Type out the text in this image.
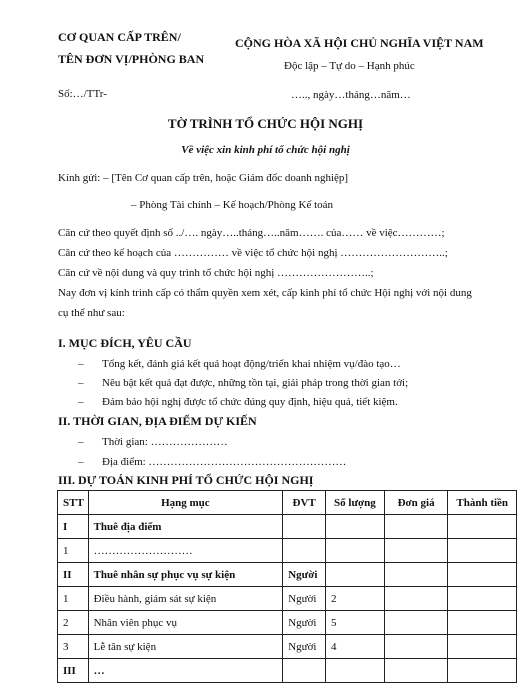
CƠ QUAN CẤP TRÊN/
TÊN ĐƠN VỊ/PHÒNG BAN
Số:…/TTr-
CỘNG HÒA XÃ HỘI CHỦ NGHĨA VIỆT NAM
Độc lập – Tự do – Hạnh phúc
….., ngày…tháng…năm…
TỜ TRÌNH TỔ CHỨC HỘI NGHỊ
Về việc xin kinh phí tổ chức hội nghị
Kính gửi: – [Tên Cơ quan cấp trên, hoặc Giám đốc doanh nghiệp]
– Phòng Tài chính – Kế hoạch/Phòng Kế toán
Căn cứ theo quyết định số ../…. ngày…..tháng…..năm……. của…… về việc…………;
Căn cứ theo kế hoạch của …………… về việc tổ chức hội nghị ………………………..;
Căn cứ về nội dung và quy trình tổ chức hội nghị ……………………..;
Nay đơn vị kính trình cấp có thẩm quyền xem xét, cấp kinh phí tổ chức Hội nghị với nội dung
cụ thể như sau:
I. MỤC ĐÍCH, YÊU CẦU
– Tổng kết, đánh giá kết quả hoạt động/triển khai nhiệm vụ/đào tạo…
– Nêu bật kết quả đạt được, những tồn tại, giải pháp trong thời gian tới;
– Đảm bảo hội nghị được tổ chức đúng quy định, hiệu quả, tiết kiệm.
II. THỜI GIAN, ĐỊA ĐIỂM DỰ KIẾN
– Thời gian: …………………
– Địa điểm: ………………………………………………
III. DỰ TOÁN KINH PHÍ TỔ CHỨC HỘI NGHỊ
STT	Hạng mục	ĐVT	Số lượng	Đơn giá	Thành tiền
I	Thuê địa điểm				
1	………………………				
II	Thuê nhân sự phục vụ sự kiện	Người			
1	Điều hành, giám sát sự kiện	Người	2		
2	Nhân viên phục vụ	Người	5		
3	Lễ tân sự kiện	Người	4		
III	…				
